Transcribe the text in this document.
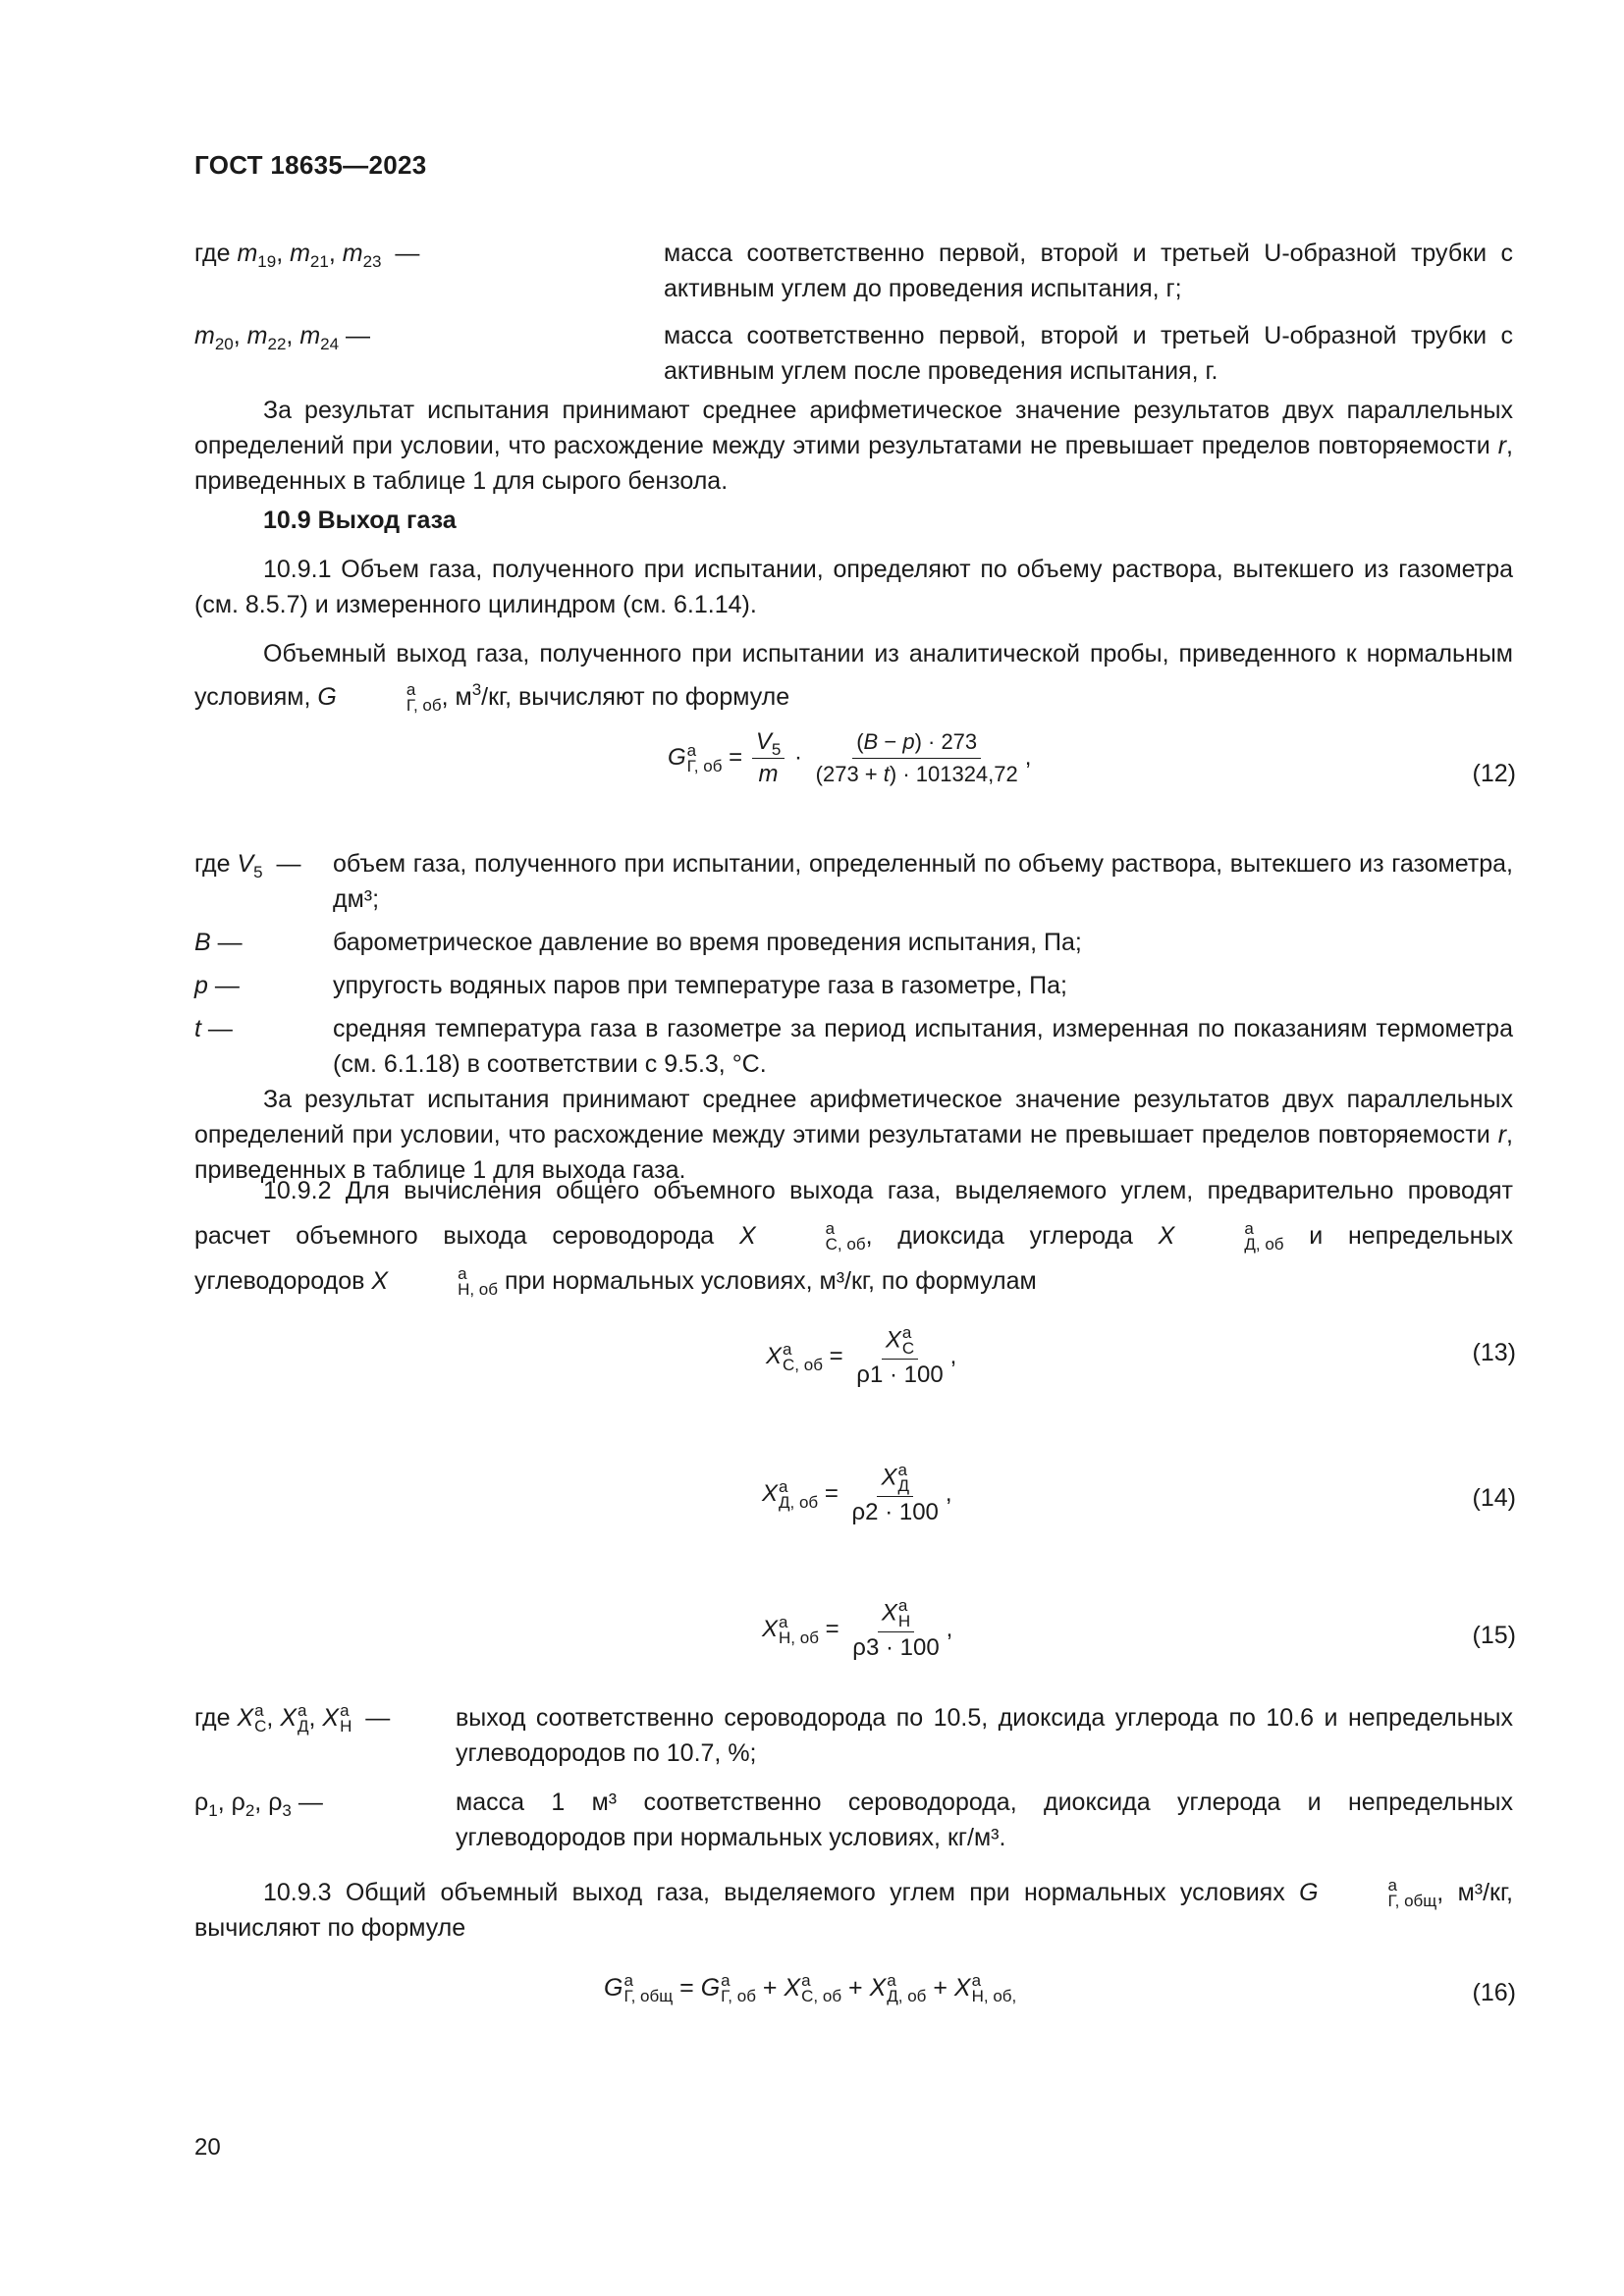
ГОСТ 18635—2023
где $m_{19}$, $m_{21}$, $m_{23}$  —	масса соответственно первой, второй и третьей U-образной трубки с активным углем до проведения испытания, г;
$m_{20}$, $m_{22}$, $m_{24}$ —	масса соответственно первой, второй и третьей U-образной трубки с активным углем после проведения испытания, г.
За результат испытания принимают среднее арифметическое значение результатов двух параллельных определений при условии, что расхождение между этими результатами не превышает пределов повторяемости r, приведенных в таблице 1 для сырого бензола.
10.9 Выход газа
10.9.1 Объем газа, полученного при испытании, определяют по объему раствора, вытекшего из газометра (см. 8.5.7) и измеренного цилиндром (см. 6.1.14).
Объемный выход газа, полученного при испытании из аналитической пробы, приведенного к нормальным условиям, G	а
Г, об , $м^3/кг$, вычисляют по формуле
G а
Г, об = $\frac{V_5}{m} \cdot \frac{(B - p) \cdot 273}{(273 + t) \cdot 101324,72}$ ,
(12)
где $V_5$  —	объем газа, полученного при испытании, определенный по объему раствора, вытекшего из газометра, дм³;
B —	барометрическое давление во время проведения испытания, Па;
p —	упругость водяных паров при температуре газа в газометре, Па;
t —	средняя температура газа в газометре за период испытания, измеренная по показаниям термометра (см. 6.1.18) в соответствии с 9.5.3, °С.
За результат испытания принимают среднее арифметическое значение результатов двух параллельных определений при условии, что расхождение между этими результатами не превышает пределов повторяемости r, приведенных в таблице 1 для выхода газа.
10.9.2 Для вычисления общего объемного выхода газа, выделяемого углем, предварительно проводят расчет объемного выхода сероводорода X	а
С, об , диоксида углерода X	а
Д, об и непредельных углеводородов X	а
Н, об при нормальных условиях, м³/кг, по формулам
X а
С, об = X а
С
ρ1 · 100 ,	(13)
X а
Д, об = X а
Д
ρ2 · 100 ,	(14)
X а
Н, об = X а
Н
ρ3 · 100 ,	(15)
где X а
С , X а
Д , X а
Н —	выход соответственно сероводорода по 10.5, диоксида углерода по 10.6 и непредельных углеводородов по 10.7, %;
$\rho_1$, $\rho_2$, $\rho_3$ —	масса 1 м³ соответственно сероводорода, диоксида углерода и непредельных углеводородов при нормальных условиях, кг/м³.
10.9.3 Общий объемный выход газа, выделяемого углем при нормальных условиях G	а
Г, общ , м³/кг, вычисляют по формуле
G а
Г, общ = G а
Г, об + X а
С, об + X а
Д, об + X а
Н, об,	(16)
20
